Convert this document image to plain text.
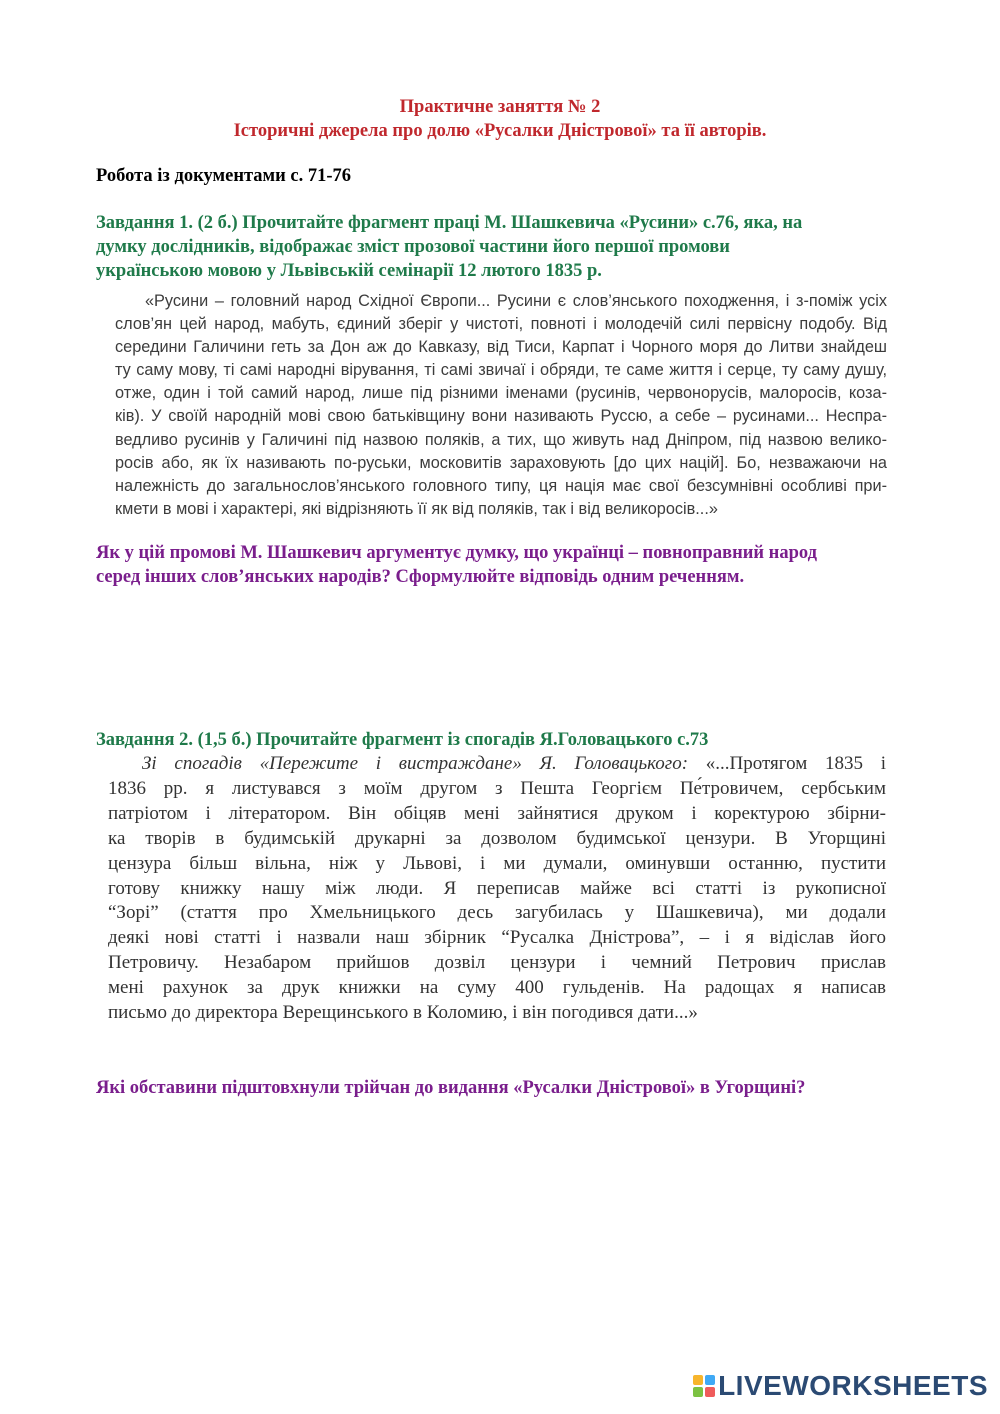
Практичне заняття № 2
Історичні джерела про долю «Русалки Дністрової» та її авторів.
Робота із документами с. 71-76
Завдання 1. (2 б.) Прочитайте фрагмент праці М. Шашкевича «Русини» с.76, яка, на
думку дослідників, відображає зміст прозової частини його першої промови
українською мовою у Львівській семінарії 12 лютого 1835 р.
«Русини – головний народ Східної Європи... Русини є слов’янського походження, і з-поміж усіх
слов’ян цей народ, мабуть, єдиний зберіг у чистоті, повноті і молодечій силі первісну подобу. Від
середини Галичини геть за Дон аж до Кавказу, від Тиси, Карпат і Чорного моря до Литви знайдеш
ту саму мову, ті самі народні вірування, ті самі звичаї і обряди, те саме життя і серце, ту саму душу,
отже, один і той самий народ, лише під різними іменами (русинів, червоноруcів, малоросів, коза-
ків). У своїй народній мові свою батьківщину вони називають Руссю, а себе – русинами... Неспра-
ведливо русинів у Галичині під назвою поляків, а тих, що живуть над Дніпром, під назвою велико-
росів або, як їх називають по-руськи, московитів зараховують [до цих націй]. Бо, незважаючи на
належність до загальнослов’янського головного типу, ця нація має свої безсумнівні особливі при-
кмети в мові і характері, які відрізняють її як від поляків, так і від великоросів...»
Як у цій промові М. Шашкевич аргументує думку, що українці – повноправний народ
серед інших слов’янських народів? Сформулюйте відповідь одним реченням.
Завдання 2. (1,5 б.) Прочитайте фрагмент із спогадів Я.Головацького с.73
Зі спогадів «Пережите і вистраждане» Я. Головацького: «...Протягом 1835 і
1836 рр. я листувався з моїм другом з Пешта Георгієм Пе́тровичем, сербським
патріотом і літератором. Він обіцяв мені зайнятися друком і коректурою збірни-
ка творів в будимській друкарні за дозволом будимської цензури. В Угорщині
цензура більш вільна, ніж у Львові, і ми думали, оминувши останню, пустити
готову книжку нашу між люди. Я переписав майже всі статті із рукописної
“Зорі” (стаття про Хмельницького десь загубилась у Шашкевича), ми додали
деякі нові статті і назвали наш збірник “Русалка Дністрова”, – і я відіслав його
Петровичу. Незабаром прийшов дозвіл цензури і чемний Петрович прислав
мені рахунок за друк книжки на суму 400 гульденів. На радощах я написав
письмо до директора Верещинського в Коломию, і він погодився дати...»
Які обставини підштовхнули трійчан до видання «Русалки Дністрової» в Угорщині?
LIVEWORKSHEETS
